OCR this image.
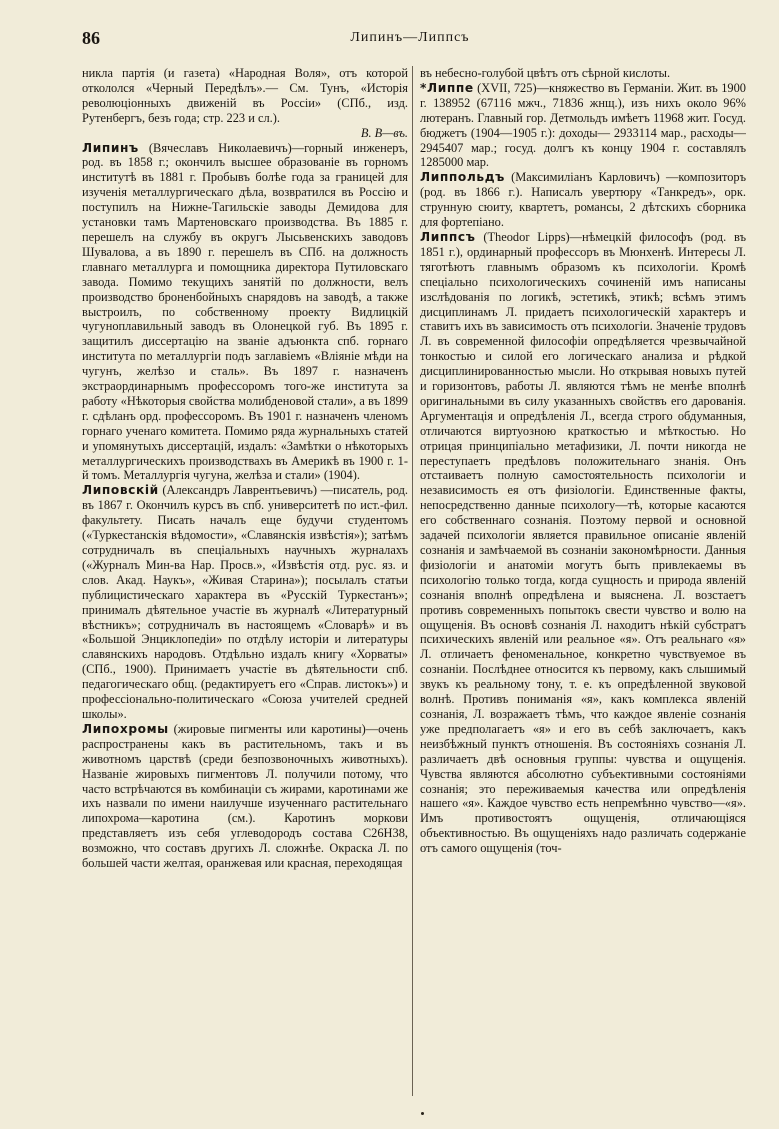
86	Липинъ—Липпсъ

никла партія (и газета) «Народная Воля», отъ которой откололся «Черный Передѣлъ».— См. Тунъ, «Исторія революціонныхъ движеній въ Россіи» (СПб., изд. Рутенбергъ, безъ года; стр. 223 и сл.).
В. В—въ.

Липинъ (Вячеславъ Николаевичъ)—горный инженеръ, род. въ 1858 г.; окончилъ высшее образованіе въ горномъ институтѣ въ 1881 г. Пробывъ болѣе года за границей для изученія металлургическаго дѣла, возвратился въ Россію и поступилъ на Нижне-Тагильскіе заводы Демидова для установки тамъ Мартеновскаго производства. Въ 1885 г. перешелъ на службу въ округъ Лысьвенскихъ заводовъ Шувалова, а въ 1890 г. перешелъ въ СПб. на должность главнаго металлурга и помощника директора Путиловскаго завода. Помимо текущихъ занятій по должности, велъ производство броненбойныхъ снарядовъ на заводѣ, а также выстроилъ, по собственному проекту Видлицкій чугуноплавильный заводъ въ Олонецкой губ. Въ 1895 г. защитилъ диссертацію на званіе адъюнкта спб. горнаго института по металлургіи подъ заглавіемъ «Вліяніе мѣди на чугунъ, желѣзо и сталь». Въ 1897 г. назначенъ экстраординарнымъ профессоромъ того-же института за работу «Нѣкоторыя свойства молибденовой стали», а въ 1899 г. сдѣланъ орд. профессоромъ. Въ 1901 г. назначенъ членомъ горнаго ученаго комитета. Помимо ряда журнальныхъ статей и упомянутыхъ диссертацій, издалъ: «Замѣтки о нѣкоторыхъ металлургическихъ производствахъ въ Америкѣ въ 1900 г. 1-й томъ. Металлургія чугуна, желѣза и стали» (1904).

Липовскій (Александръ Лаврентьевичъ) —писатель, род. въ 1867 г. Окончилъ курсъ въ спб. университетѣ по ист.-фил. факультету. Писать началъ еще будучи студентомъ («Туркестанскія вѣдомости», «Славянскія извѣстія»); затѣмъ сотрудничалъ въ спеціальныхъ научныхъ журналахъ («Журналъ Мин-ва Нар. Просв.», «Извѣстія отд. рус. яз. и слов. Акад. Наукъ», «Живая Старина»); посылалъ статьи публицистическаго характера въ «Русскій Туркестанъ»; принималъ дѣятельное участіе въ журналѣ «Литературный вѣстникъ»; сотрудничалъ въ настоящемъ «Словарѣ» и въ «Большой Энциклопедіи» по отдѣлу исторіи и литературы славянскихъ народовъ. Отдѣльно издалъ книгу «Хорваты» (СПб., 1900). Принимаетъ участіе въ дѣятельности спб. педагогическаго общ. (редактируетъ его «Справ. листокъ») и профессіонально-политическаго «Союза учителей средней школы».

Липохромы (жировые пигменты или каротины)—очень распространены какъ въ растительномъ, такъ и въ животномъ царствѣ (среди безпозвоночныхъ животныхъ). Названіе жировыхъ пигментовъ Л. получили потому, что часто встрѣчаются въ комбинаціи съ жирами, каротинами же ихъ назвали по имени наилучше изученнаго растительнаго липохрома—каротина (см.). Каротинъ моркови представляетъ изъ себя углеводородъ состава C26H38, возможно, что составъ другихъ Л. сложнѣе. Окраска Л. по большей части желтая, оранжевая или красная, переходящая

въ небесно-голубой цвѣтъ отъ сѣрной кислоты.

*Липпе (XVII, 725)—княжество въ Германіи. Жит. въ 1900 г. 138952 (67116 мжч., 71836 жнщ.), изъ нихъ около 96% лютеранъ. Главный гор. Детмольдъ имѣетъ 11968 жит. Госуд. бюджетъ (1904—1905 г.): доходы— 2933114 мар., расходы—2945407 мар.; госуд. долгъ къ концу 1904 г. составлялъ 1285000 мар.

Липпольдъ (Максимиліанъ Карловичъ) —композиторъ (род. въ 1866 г.). Написалъ увертюру «Танкредъ», орк. струнную сюиту, квартетъ, романсы, 2 дѣтскихъ сборника для фортепіано.

Липпсъ (Theodor Lipps)—нѣмецкій философъ (род. въ 1851 г.), ординарный профессоръ въ Мюнхенѣ. Интересы Л. тяготѣютъ главнымъ образомъ къ психологіи. Кромѣ спеціально психологическихъ сочиненій имъ написаны изслѣдованія по логикѣ, эстетикѣ, этикѣ; всѣмъ этимъ дисциплинамъ Л. придаетъ психологическій характеръ и ставитъ ихъ въ зависимость отъ психологіи. Значеніе трудовъ Л. въ современной философіи опредѣляется чрезвычайной тонкостью и силой его логическаго анализа и рѣдкой дисциплинированностью мысли. Но открывая новыхъ путей и горизонтовъ, работы Л. являются тѣмъ не менѣе вполнѣ оригинальными въ силу указанныхъ свойствъ его дарованія. Аргументація и опредѣленія Л., всегда строго обдуманныя, отличаются виртуозною краткостью и мѣткостью. Но отрицая принципіально метафизики, Л. почти никогда не переступаетъ предѣловъ положительнаго знанія. Онъ отстаиваетъ полную самостоятельность психологіи и независимость ея отъ физіологіи. Единственные факты, непосредственно данные психологу—тѣ, которые касаются его собственнаго сознанія. Поэтому первой и основной задачей психологіи является правильное описаніе явленій сознанія и замѣчаемой въ сознаніи закономѣрности. Данныя физіологіи и анатоміи могутъ быть привлекаемы въ психологію только тогда, когда сущность и природа явленій сознанія вполнѣ опредѣлена и выяснена. Л. возстаетъ противъ современныхъ попытокъ свести чувство и волю на ощущенія. Въ основѣ сознанія Л. находитъ нѣкій субстратъ психическихъ явленій или реальное «я». Отъ реальнаго «я» Л. отличаетъ феноменальное, конкретно чувствуемое въ сознаніи. Послѣднее относится къ первому, какъ слышимый звукъ къ реальному тону, т. е. къ опредѣленной звуковой волнѣ. Противъ пониманія «я», какъ комплекса явленій сознанія, Л. возражаетъ тѣмъ, что каждое явленіе сознанія уже предполагаетъ «я» и его въ себѣ заключаетъ, какъ неизбѣжный пунктъ отношенія. Въ состояніяхъ сознанія Л. различаетъ двѣ основныя группы: чувства и ощущенія. Чувства являются абсолютно субъективными состояніями сознанія; это переживаемыя качества или опредѣленія нашего «я». Каждое чувство есть непремѣнно чувство—«я». Имъ противостоятъ ощущенія, отличающіяся объективностью. Въ ощущеніяхъ надо различать содержаніе отъ самого ощущенія (точ-
